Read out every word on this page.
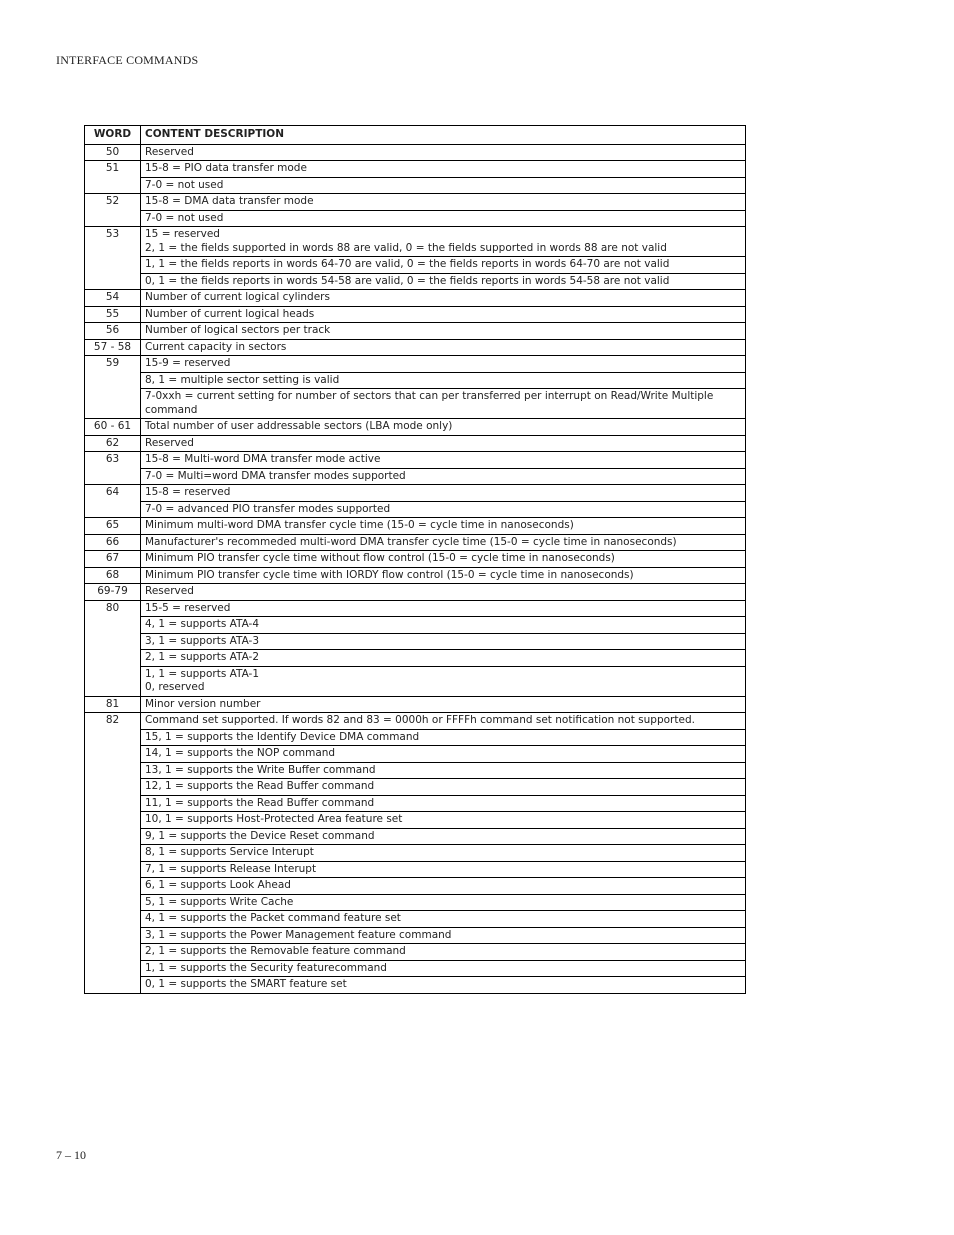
INTERFACE COMMANDS
WORD	CONTENT DESCRIPTION
50	Reserved
51	15-8 = PIO data transfer mode
	7-0 = not used
52	15-8 = DMA data transfer mode
	7-0 = not used
53	15 = reserved
2, 1 = the fields supported in words 88 are valid, 0 = the fields supported in words 88 are not valid
	1, 1 = the fields reports in words 64-70 are valid, 0 = the fields reports in words 64-70 are not valid
	0, 1 = the fields reports in words 54-58 are valid, 0 = the fields reports in words 54-58 are not valid
54	Number of current logical cylinders
55	Number of current logical heads
56	Number of logical sectors per track
57 - 58	Current capacity in sectors
59	15-9 = reserved
	8, 1 = multiple sector setting is valid
	7-0xxh = current setting for number of sectors that can per transferred per interrupt on Read/Write Multiple command
60 - 61	Total number of user addressable sectors (LBA mode only)
62	Reserved
63	15-8 = Multi-word DMA transfer mode active
	7-0 = Multi=word DMA transfer modes supported
64	15-8 = reserved
	7-0 = advanced PIO transfer modes supported
65	Minimum multi-word DMA transfer cycle time (15-0 = cycle time in nanoseconds)
66	Manufacturer's recommeded multi-word DMA transfer cycle time (15-0 = cycle time in nanoseconds)
67	Minimum PIO transfer cycle time without flow control (15-0 = cycle time in nanoseconds)
68	Minimum PIO transfer cycle time with IORDY flow control (15-0 = cycle time in nanoseconds)
69-79	Reserved
80	15-5 = reserved
	4, 1 = supports ATA-4
	3, 1 = supports ATA-3
	2, 1 = supports ATA-2
	1, 1 = supports ATA-1
0, reserved
81	Minor version number
82	Command set supported. If words 82 and 83 = 0000h or FFFFh command set notification not supported.
	15, 1 = supports the Identify Device DMA command
	14, 1 = supports the NOP command
	13, 1 = supports the Write Buffer command
	12, 1 = supports the Read Buffer command
	11, 1 = supports the Read Buffer command
	10, 1 = supports Host-Protected Area feature set
	9, 1 = supports the Device Reset command
	8, 1 = supports Service Interupt
	7, 1 = supports Release Interupt
	6, 1 = supports Look Ahead
	5, 1 = supports Write Cache
	4, 1 = supports the Packet command feature set
	3, 1 = supports the Power Management feature command
	2, 1 = supports the Removable feature command
	1, 1 = supports the Security featurecommand
	0, 1 = supports the SMART feature set
7 – 10
